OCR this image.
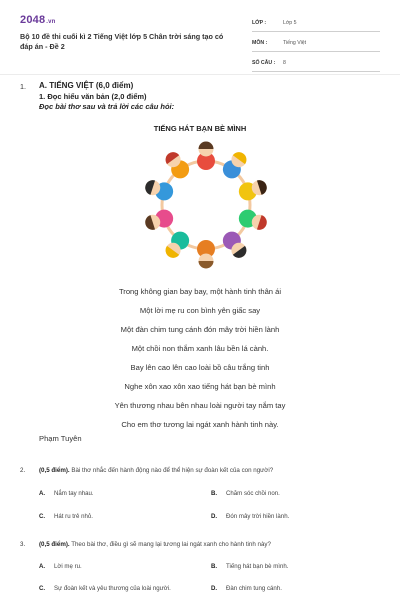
2048.vn
Bộ 10 đề thi cuối kì 2 Tiếng Việt lớp 5 Chân trời sáng tạo có đáp án - Đề 2
LỚP :	Lớp 5
MÔN :	Tiếng Việt
SỐ CÂU :	8
1. A. TIẾNG VIỆT (6,0 điểm)
1. Đọc hiểu văn bản (2,0 điểm)
Đọc bài thơ sau và trả lời các câu hỏi:
TIẾNG HÁT BẠN BÈ MÌNH
Trong không gian bay bay, một hành tinh thân ái
Một lời mẹ ru con bình yên giấc say
Một đàn chim tung cánh đón mây trời hiền lành
Một chồi non thắm xanh lâu bền lá cành.
Bay lên cao lên cao loài bồ câu trắng tinh
Nghe xôn xao xôn xao tiếng hát bạn bè mình
Yên thương nhau bên nhau loài người tay nắm tay
Cho em thơ tương lai ngát xanh hành tinh này.
Phạm Tuyên
2. (0,5 điểm). Bài thơ nhắc đến hành động nào để thể hiện sự đoàn kết của con người?
A. Nắm tay nhau.	B. Chăm sóc chồi non.
C. Hát ru trẻ nhỏ.	D. Đón mây trời hiền lành.
3. (0,5 điểm). Theo bài thơ, điều gì sẽ mang lại tương lai ngát xanh cho hành tinh này?
A. Lời mẹ ru.	B. Tiếng hát bạn bè mình.
C. Sự đoàn kết và yêu thương của loài người.	D. Đàn chim tung cánh.
